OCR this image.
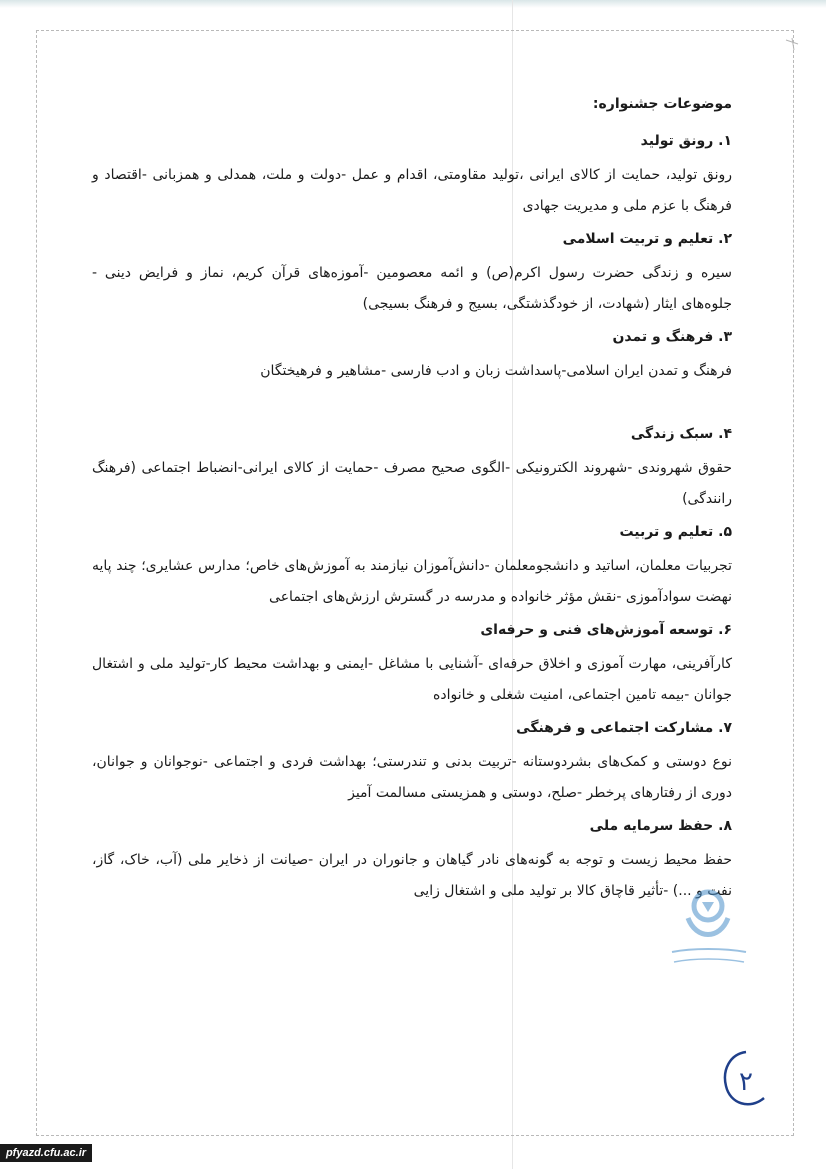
موضوعات جشنواره:
۱. رونق تولید
رونق تولید، حمایت از کالای ایرانی ،تولید مقاومتی، اقدام و عمل -دولت و ملت، همدلی و همزبانی -اقتصاد و فرهنگ با عزم ملی و مدیریت جهادی
۲. تعلیم و تربیت اسلامی
سیره و زندگی حضرت رسول اکرم(ص) و ائمه معصومین -آموزه‌های قرآن کریم، نماز و فرایض دینی - جلوه‌های ایثار (شهادت، از خودگذشتگی، بسیج و فرهنگ بسیجی)
۳. فرهنگ و تمدن
فرهنگ و تمدن ایران اسلامی-پاسداشت زبان و ادب فارسی -مشاهیر و فرهیختگان
۴. سبک زندگی
حقوق شهروندی -شهروند الکترونیکی -الگوی صحیح مصرف -حمایت از کالای ایرانی-انضباط اجتماعی (فرهنگ رانندگی)
۵. تعلیم و تربیت
تجربیات معلمان، اساتید و دانشجومعلمان -دانش‌آموزان نیازمند به آموزش‌های خاص؛ مدارس عشایری؛ چند پایه نهضت سوادآموزی -نقش مؤثر خانواده و مدرسه در گسترش ارزش‌های اجتماعی
۶. توسعه آموزش‌های فنی و حرفه‌ای
کارآفرینی، مهارت آموزی و اخلاق حرفه‌ای -آشنایی با مشاغل -ایمنی و بهداشت محیط کار-تولید ملی و اشتغال جوانان -بیمه تامین اجتماعی، امنیت شغلی و خانواده
۷. مشارکت اجتماعی و فرهنگی
نوع دوستی و کمک‌های بشردوستانه -تربیت بدنی و تندرستی؛ بهداشت فردی و اجتماعی -نوجوانان و جوانان، دوری از رفتارهای پرخطر -صلح، دوستی و همزیستی مسالمت آمیز
۸. حفظ سرمایه ملی
حفظ محیط زیست و توجه به گونه‌های نادر گیاهان و جانوران در ایران -صیانت از ذخایر ملی (آب، خاک، گاز، نفت و ...) -تأثیر قاچاق کالا بر تولید ملی و اشتغال زایی
۲
pfyazd.cfu.ac.ir
